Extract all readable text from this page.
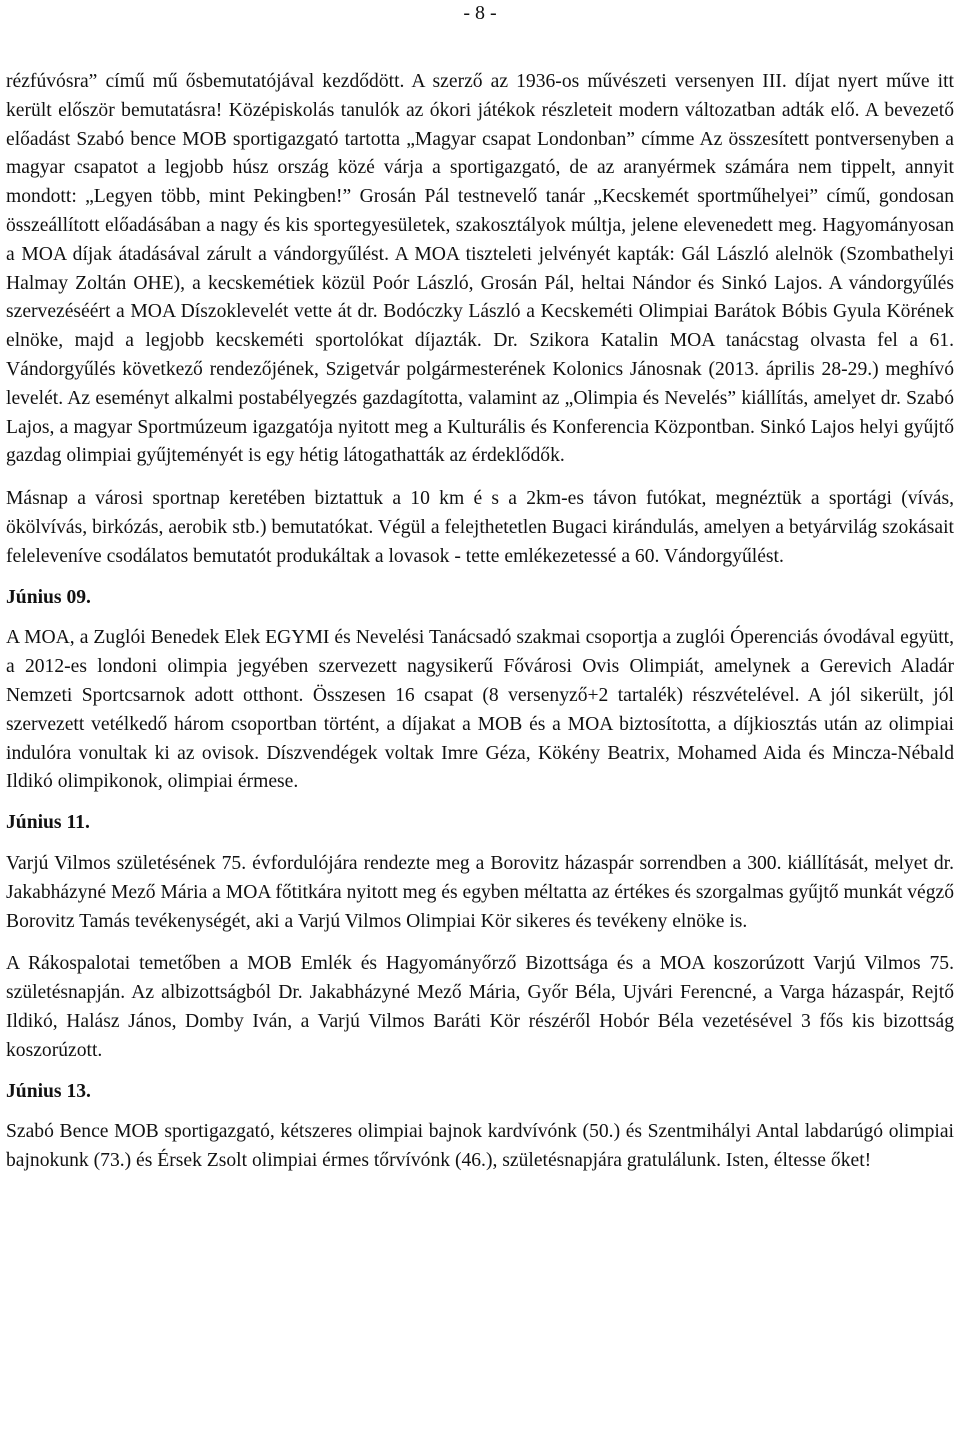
- 8 -

rézfúvósra” című mű ősbemutatójával kezdődött. A szerző az 1936-os művészeti versenyen III. díjat nyert műve itt került először bemutatásra! Középiskolás tanulók az ókori játékok részleteit modern változatban adták elő. A bevezető előadást Szabó bence MOB sportigazgató tartotta „Magyar csapat Londonban” címme Az összesített pontversenyben a magyar csapatot a legjobb húsz ország közé várja a sportigazgató, de az aranyérmek számára nem tippelt, annyit mondott: „Legyen több, mint Pekingben!” Grosán Pál testnevelő tanár „Kecskemét sportműhelyei” című, gondosan összeállított előadásában a nagy és kis sportegyesületek, szakosztályok múltja, jelene elevenedett meg. Hagyományosan a MOA díjak átadásával zárult a vándorgyűlést. A MOA tiszteleti jelvényét kapták: Gál László alelnök (Szombathelyi Halmay Zoltán OHE), a kecskemétiek közül Poór László, Grosán Pál, heltai Nándor és Sinkó Lajos. A vándorgyűlés szervezéséért a MOA Díszoklevelét vette át dr. Bodóczky László a Kecskeméti Olimpiai Barátok Bóbis Gyula Körének elnöke, majd a legjobb kecskeméti sportolókat díjazták. Dr. Szikora Katalin MOA tanácstag olvasta fel a 61. Vándorgyűlés következő rendezőjének, Szigetvár polgármesterének Kolonics Jánosnak (2013. április 28-29.) meghívó levelét. Az eseményt alkalmi postabélyegzés gazdagította, valamint az „Olimpia és Nevelés” kiállítás, amelyet dr. Szabó Lajos, a magyar Sportmúzeum igazgatója nyitott meg a Kulturális és Konferencia Központban. Sinkó Lajos helyi gyűjtő gazdag olimpiai gyűjteményét is egy hétig látogathatták az érdeklődők.

Másnap a városi sportnap keretében biztattuk a 10 km é s a 2km-es távon futókat, megnéztük a sportági (vívás, ökölvívás, birkózás, aerobik stb.) bemutatókat. Végül a felejthetetlen Bugaci kirándulás, amelyen a betyárvilág szokásait feleleveníve csodálatos bemutatót produkáltak a lovasok - tette emlékezetessé a 60. Vándorgyűlést.

Június 09.

A MOA, a Zuglói Benedek Elek EGYMI és Nevelési Tanácsadó szakmai csoportja a zuglói Óperenciás óvodával együtt, a 2012-es londoni olimpia jegyében szervezett nagysikerű Fővárosi Ovis Olimpiát, amelynek a Gerevich Aladár Nemzeti Sportcsarnok adott otthont. Összesen 16 csapat (8 versenyző+2 tartalék) részvételével. A jól sikerült, jól szervezett vetélkedő három csoportban történt, a díjakat a MOB és a MOA biztosította, a díjkiosztás után az olimpiai indulóra vonultak ki az ovisok. Díszvendégek voltak Imre Géza, Kökény Beatrix, Mohamed Aida és Mincza-Nébald Ildikó olimpikonok, olimpiai érmese.

Június 11.

Varjú Vilmos születésének 75. évfordulójára rendezte meg a Borovitz házaspár sorrendben a 300. kiállítását, melyet dr. Jakabházyné Mező Mária a MOA főtitkára nyitott meg és egyben méltatta az értékes és szorgalmas gyűjtő munkát végző Borovitz Tamás tevékenységét, aki a Varjú Vilmos Olimpiai Kör sikeres és tevékeny elnöke is.

A Rákospalotai temetőben a MOB Emlék és Hagyományőrző Bizottsága és a MOA koszorúzott Varjú Vilmos 75. születésnapján. Az albizottságból Dr. Jakabházyné Mező Mária, Győr Béla, Ujvári Ferencné, a Varga házaspár, Rejtő Ildikó, Halász János, Domby Iván, a Varjú Vilmos Baráti Kör részéről Hobór Béla vezetésével 3 fős kis bizottság koszorúzott.

Június 13.

Szabó Bence MOB sportigazgató, kétszeres olimpiai bajnok kardvívónk (50.) és Szentmihályi Antal labdarúgó olimpiai bajnokunk (73.) és Érsek Zsolt olimpiai érmes tőrvívónk (46.), születésnapjára gratulálunk. Isten, éltesse őket!
